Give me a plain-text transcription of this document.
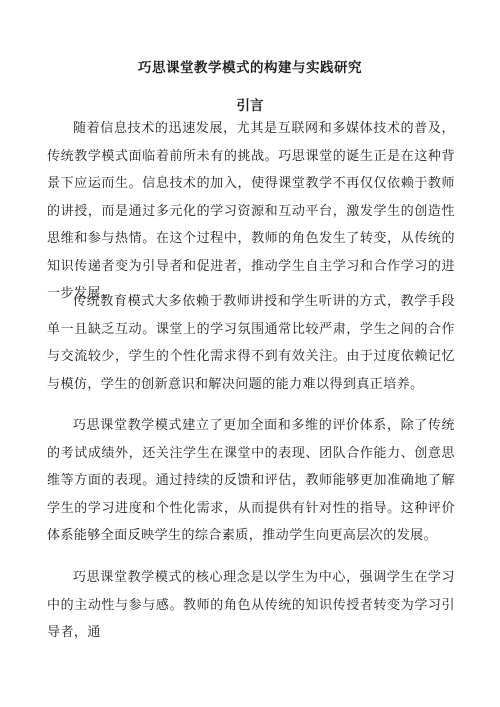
巧思课堂教学模式的构建与实践研究
引言

随着信息技术的迅速发展，尤其是互联网和多媒体技术的普及，传统教学模式面临着前所未有的挑战。巧思课堂的诞生正是在这种背景下应运而生。信息技术的加入，使得课堂教学不再仅仅依赖于教师的讲授，而是通过多元化的学习资源和互动平台，激发学生的创造性思维和参与热情。在这个过程中，教师的角色发生了转变，从传统的知识传递者变为引导者和促进者，推动学生自主学习和合作学习的进一步发展。

传统教育模式大多依赖于教师讲授和学生听讲的方式，教学手段单一且缺乏互动。课堂上的学习氛围通常比较严肃，学生之间的合作与交流较少，学生的个性化需求得不到有效关注。由于过度依赖记忆与模仿，学生的创新意识和解决问题的能力难以得到真正培养。

巧思课堂教学模式建立了更加全面和多维的评价体系，除了传统的考试成绩外，还关注学生在课堂中的表现、团队合作能力、创意思维等方面的表现。通过持续的反馈和评估，教师能够更加准确地了解学生的学习进度和个性化需求，从而提供有针对性的指导。这种评价体系能够全面反映学生的综合素质，推动学生向更高层次的发展。

巧思课堂教学模式的核心理念是以学生为中心，强调学生在学习中的主动性与参与感。教师的角色从传统的知识传授者转变为学习引导者，通
